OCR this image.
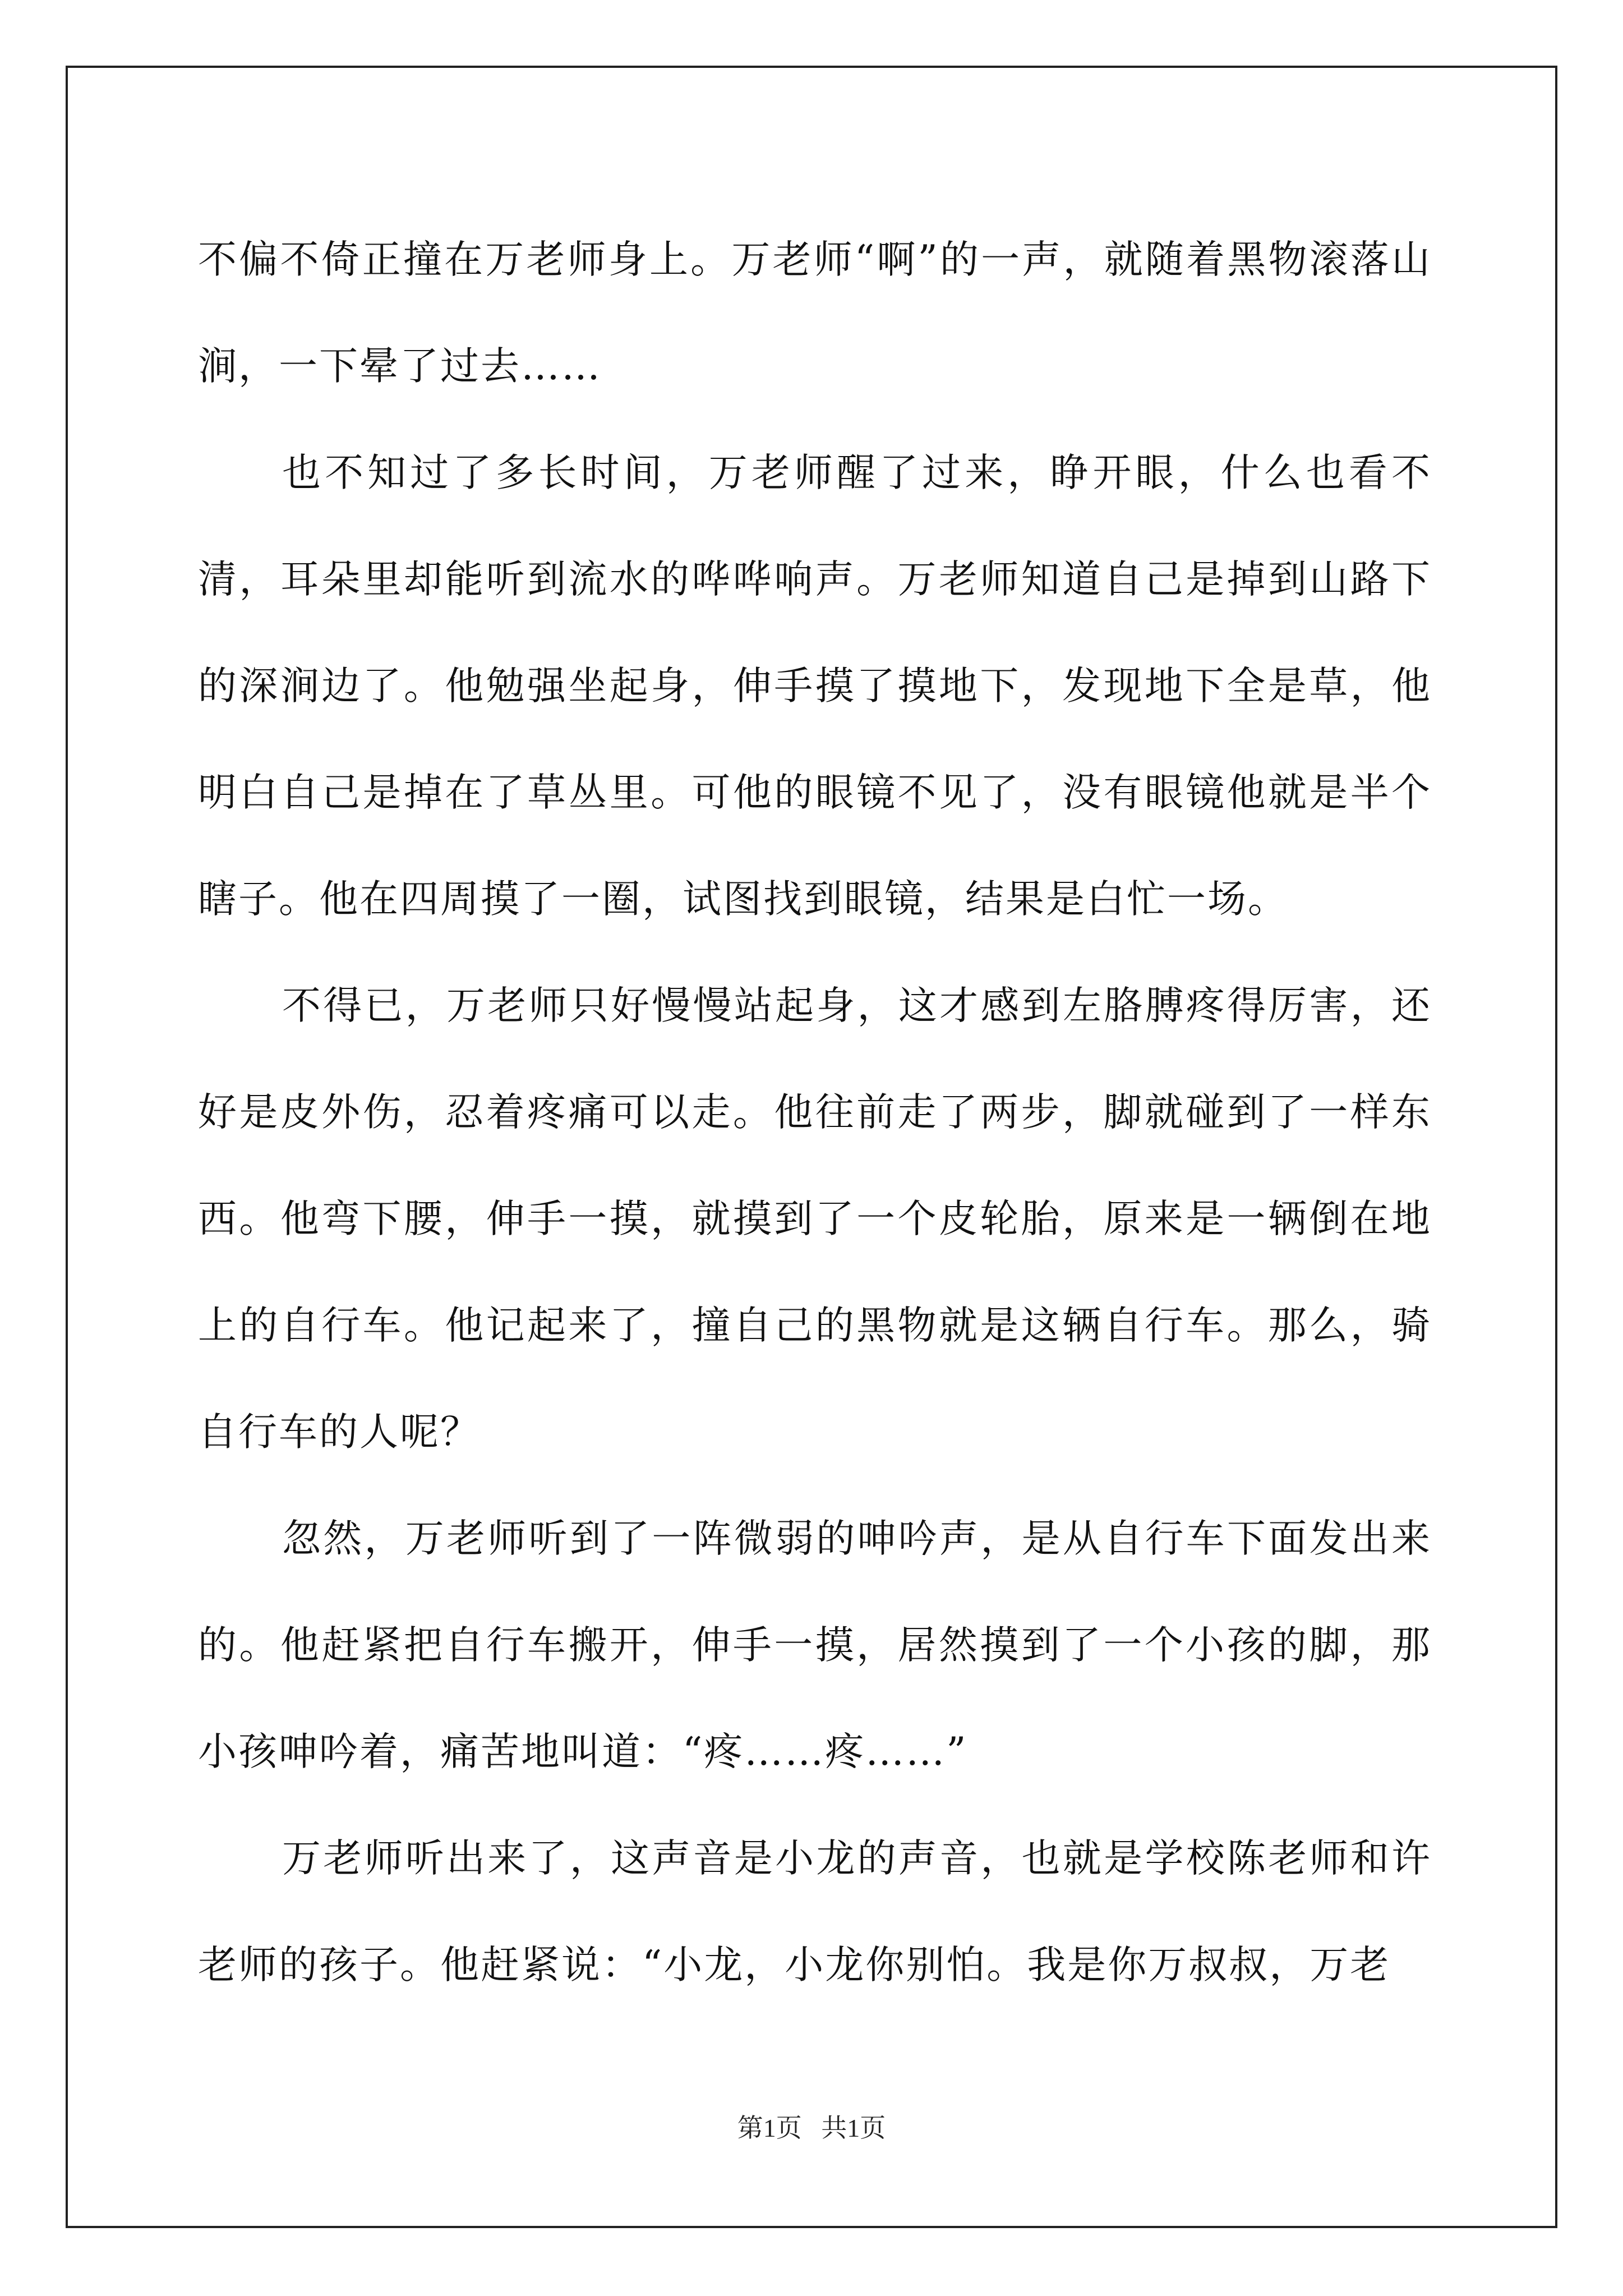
不偏不倚正撞在万老师身上。万老师“啊”的一声，就随着黑物滚落山涧，一下晕了过去……

也不知过了多长时间，万老师醒了过来，睁开眼，什么也看不清，耳朵里却能听到流水的哗哗响声。万老师知道自己是掉到山路下的深涧边了。他勉强坐起身，伸手摸了摸地下，发现地下全是草，他明白自己是掉在了草丛里。可他的眼镜不见了，没有眼镜他就是半个瞎子。他在四周摸了一圈，试图找到眼镜，结果是白忙一场。

不得已，万老师只好慢慢站起身，这才感到左胳膊疼得厉害，还好是皮外伤，忍着疼痛可以走。他往前走了两步，脚就碰到了一样东西。他弯下腰，伸手一摸，就摸到了一个皮轮胎，原来是一辆倒在地上的自行车。他记起来了，撞自己的黑物就是这辆自行车。那么，骑自行车的人呢？

忽然，万老师听到了一阵微弱的呻吟声，是从自行车下面发出来的。他赶紧把自行车搬开，伸手一摸，居然摸到了一个小孩的脚，那小孩呻吟着，痛苦地叫道：“疼……疼……”

万老师听出来了，这声音是小龙的声音，也就是学校陈老师和许老师的孩子。他赶紧说：“小龙，小龙你别怕。我是你万叔叔，万老

第1页   共1页
